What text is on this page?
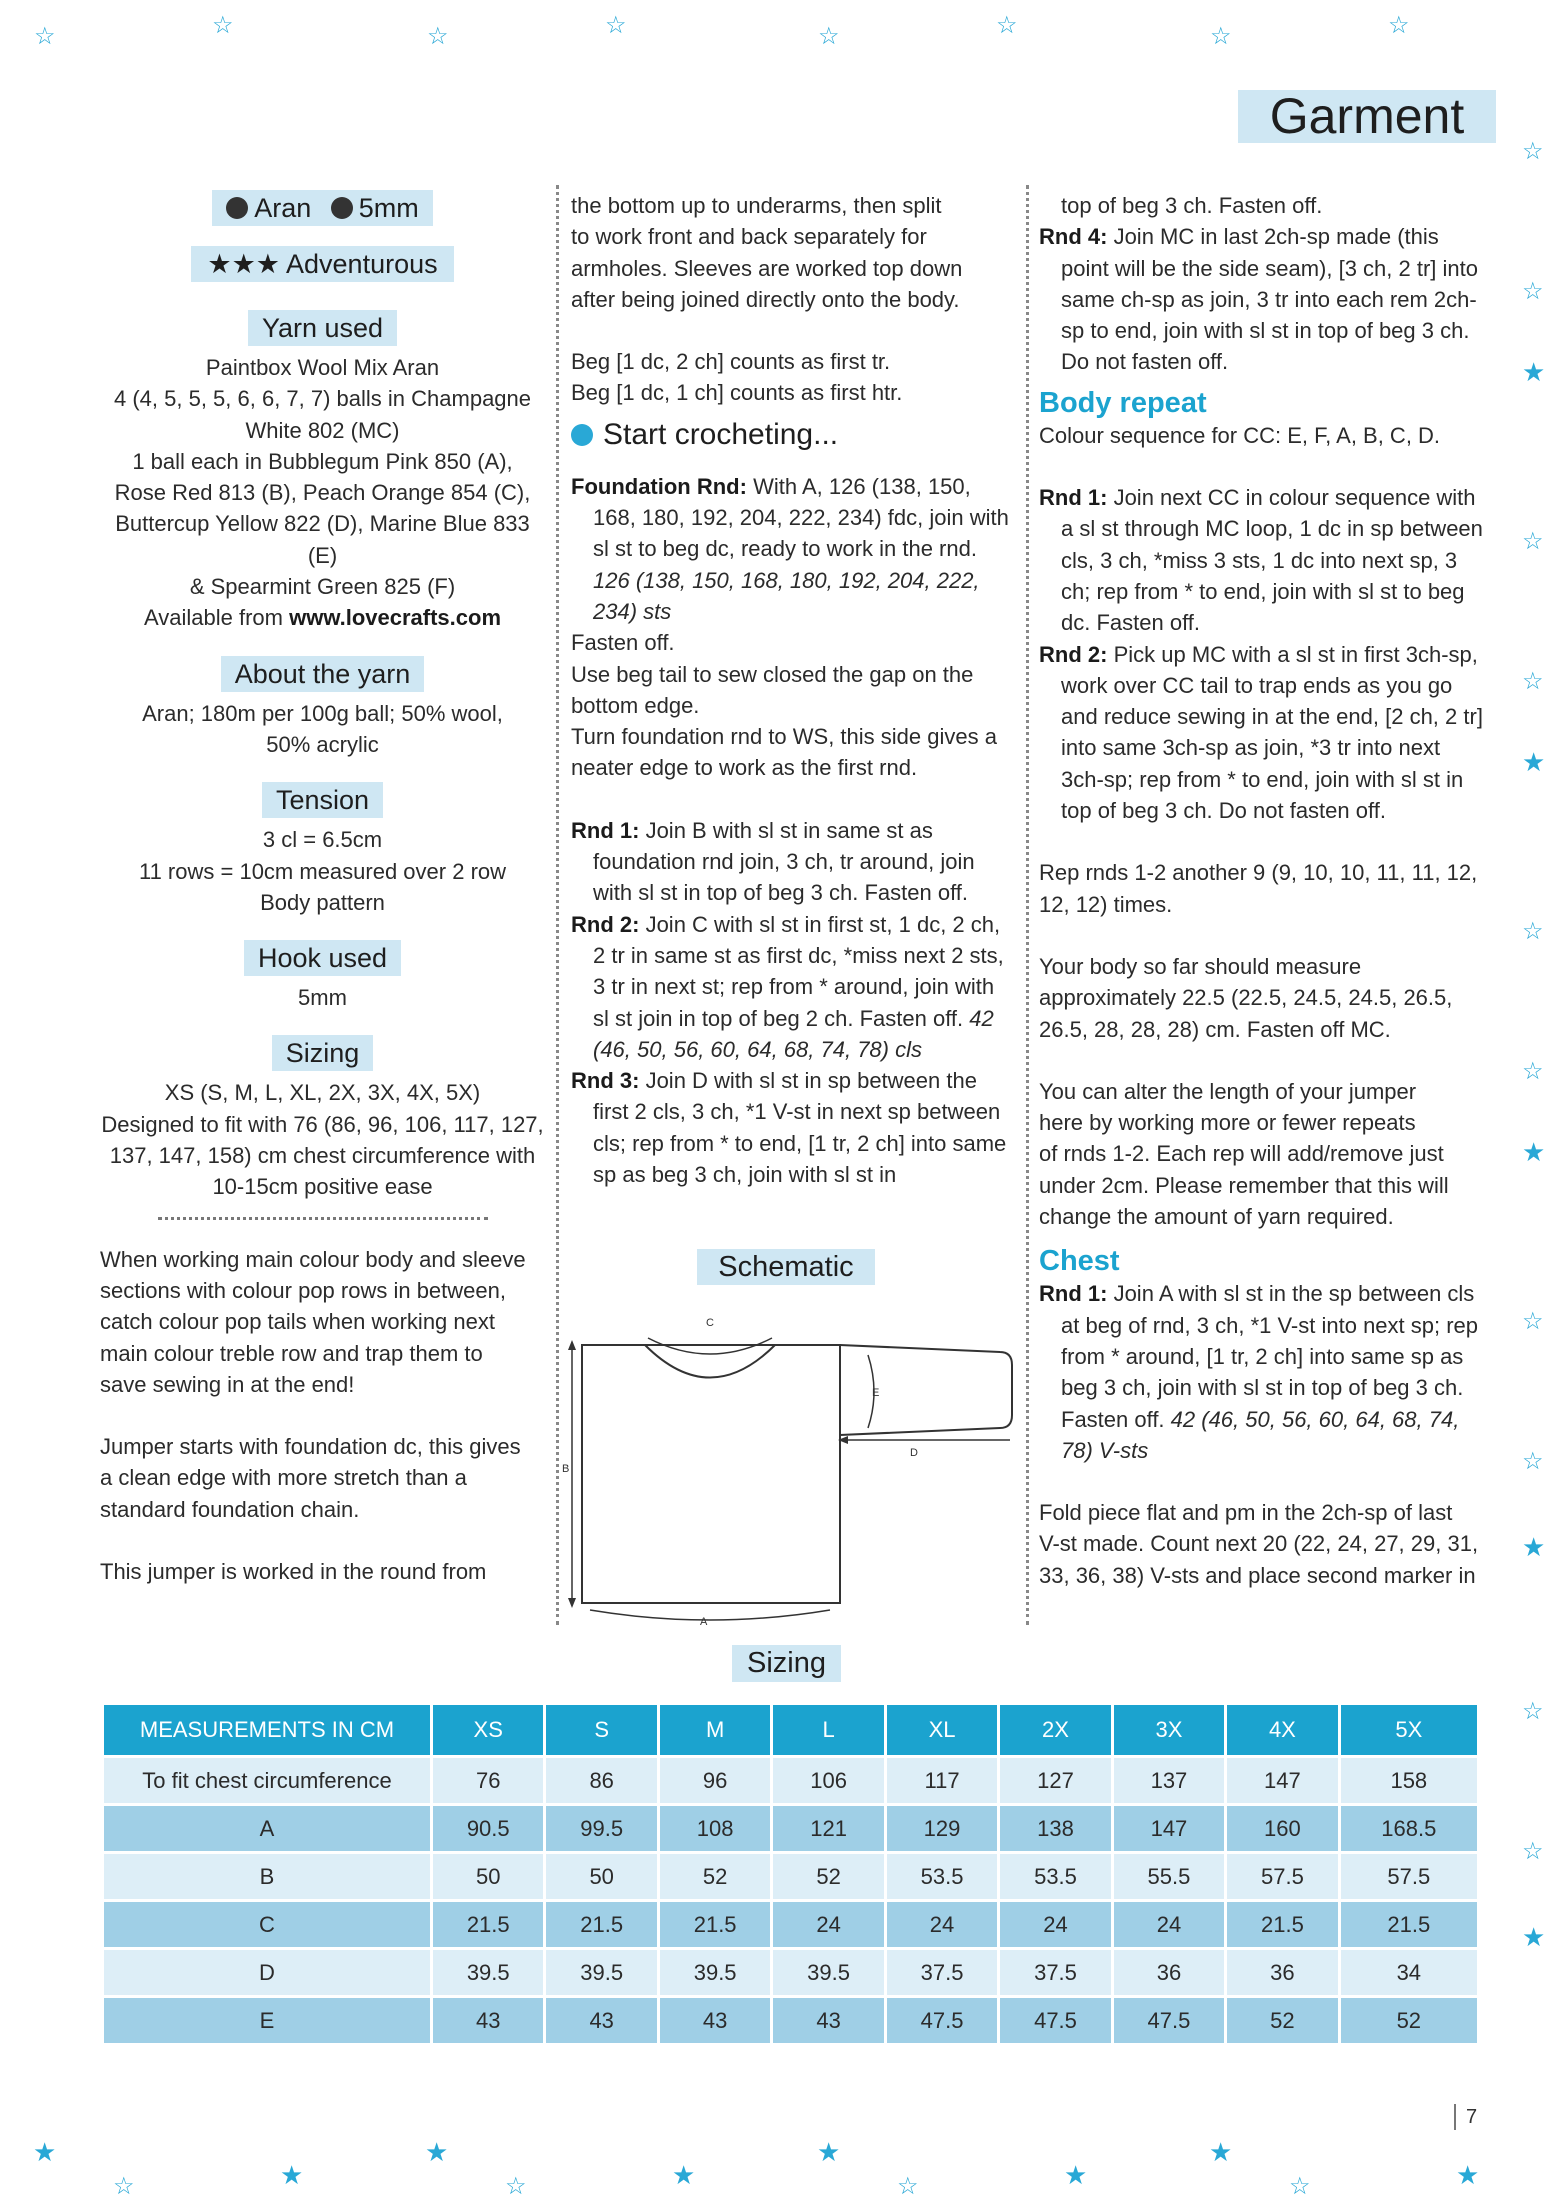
☆	☆	☆	☆	☆	☆	☆	☆
☆
☆
★
☆
☆
★
☆
☆
★
☆
☆
★
☆
☆
★
★
☆	★
★
☆	★
★
☆	★
★
☆	★
Garment
Aran 5mm
★★★ Adventurous
Yarn used

Paintbox Wool Mix Aran

4 (4, 5, 5, 5, 6, 6, 7, 7) balls in Champagne

White 802 (MC)

1 ball each in Bubblegum Pink 850 (A),

Rose Red 813 (B), Peach Orange 854 (C),

Buttercup Yellow 822 (D), Marine Blue 833 (E)

& Spearmint Green 825 (F)

Available from www.lovecrafts.com

About the yarn

Aran; 180m per 100g ball; 50% wool,

50% acrylic

Tension

3 cl = 6.5cm

11 rows = 10cm measured over 2 row

Body pattern

Hook used

5mm

Sizing

XS (S, M, L, XL, 2X, 3X, 4X, 5X)

Designed to fit with 76 (86, 96, 106, 117, 127,

137, 147, 158) cm chest circumference with

10-15cm positive ease

When working main colour body and sleeve

sections with colour pop rows in between,

catch colour pop tails when working next

main colour treble row and trap them to

save sewing in at the end!

Jumper starts with foundation dc, this gives

a clean edge with more stretch than a

standard foundation chain.

This jumper is worked in the round from

the bottom up to underarms, then split

to work front and back separately for

armholes. Sleeves are worked top down

after being joined directly onto the body.

Beg [1 dc, 2 ch] counts as first tr.

Beg [1 dc, 1 ch] counts as first htr.

Start crocheting...

Foundation Rnd: With A, 126 (138, 150, 168, 180, 192, 204, 222, 234) fdc, join with sl st to beg dc, ready to work in the rnd.
126 (138, 150, 168, 180, 192, 204, 222, 234) sts

Fasten off.

Use beg tail to sew closed the gap on the bottom edge.

Turn foundation rnd to WS, this side gives a neater edge to work as the first rnd.

Rnd 1: Join B with sl st in same st as foundation rnd join, 3 ch, tr around, join with sl st in top of beg 3 ch. Fasten off.

Rnd 2: Join C with sl st in first st, 1 dc, 2 ch, 2 tr in same st as first dc, *miss next 2 sts, 3 tr in next st; rep from * around, join with sl st join in top of beg 2 ch. Fasten off. 42 (46, 50, 56, 60, 64, 68, 74, 78) cls

Rnd 3: Join D with sl st in sp between the first 2 cls, 3 ch, *1 V-st in next sp between cls; rep from * to end, [1 tr, 2 ch] into same sp as beg 3 ch, join with sl st in

Schematic
C
B
A
D
E

top of beg 3 ch. Fasten off.

Rnd 4: Join MC in last 2ch-sp made (this point will be the side seam), [3 ch, 2 tr] into same ch-sp as join, 3 tr into each rem 2ch-sp to end, join with sl st in top of beg 3 ch. Do not fasten off.

Body repeat

Colour sequence for CC: E, F, A, B, C, D.

Rnd 1: Join next CC in colour sequence with a sl st through MC loop, 1 dc in sp between cls, 3 ch, *miss 3 sts, 1 dc into next sp, 3 ch; rep from * to end, join with sl st to beg dc. Fasten off.

Rnd 2: Pick up MC with a sl st in first 3ch-sp, work over CC tail to trap ends as you go and reduce sewing in at the end, [2 ch, 2 tr] into same 3ch-sp as join, *3 tr into next 3ch-sp; rep from * to end, join with sl st in top of beg 3 ch. Do not fasten off.

Rep rnds 1-2 another 9 (9, 10, 10, 11, 11, 12,

12, 12) times.

Your body so far should measure

approximately 22.5 (22.5, 24.5, 24.5, 26.5,

26.5, 28, 28, 28) cm. Fasten off MC.

You can alter the length of your jumper

here by working more or fewer repeats

of rnds 1-2. Each rep will add/remove just

under 2cm. Please remember that this will

change the amount of yarn required.

Chest

Rnd 1: Join A with sl st in the sp between cls at beg of rnd, 3 ch, *1 V-st into next sp; rep from * around, [1 tr, 2 ch] into same sp as beg 3 ch, join with sl st in top of beg 3 ch. Fasten off. 42 (46, 50, 56, 60, 64, 68, 74, 78) V-sts

Fold piece flat and pm in the 2ch-sp of last

V-st made. Count next 20 (22, 24, 27, 29, 31,

33, 36, 38) V-sts and place second marker in

Sizing
MEASUREMENTS IN CM	XS	S	M	L	XL	2X	3X	4X	5X
To fit chest circumference	76	86	96	106	117	127	137	147	158
A	90.5	99.5	108	121	129	138	147	160	168.5
B	50	50	52	52	53.5	53.5	55.5	57.5	57.5
C	21.5	21.5	21.5	24	24	24	24	21.5	21.5
D	39.5	39.5	39.5	39.5	37.5	37.5	36	36	34
E	43	43	43	43	47.5	47.5	47.5	52	52
7
